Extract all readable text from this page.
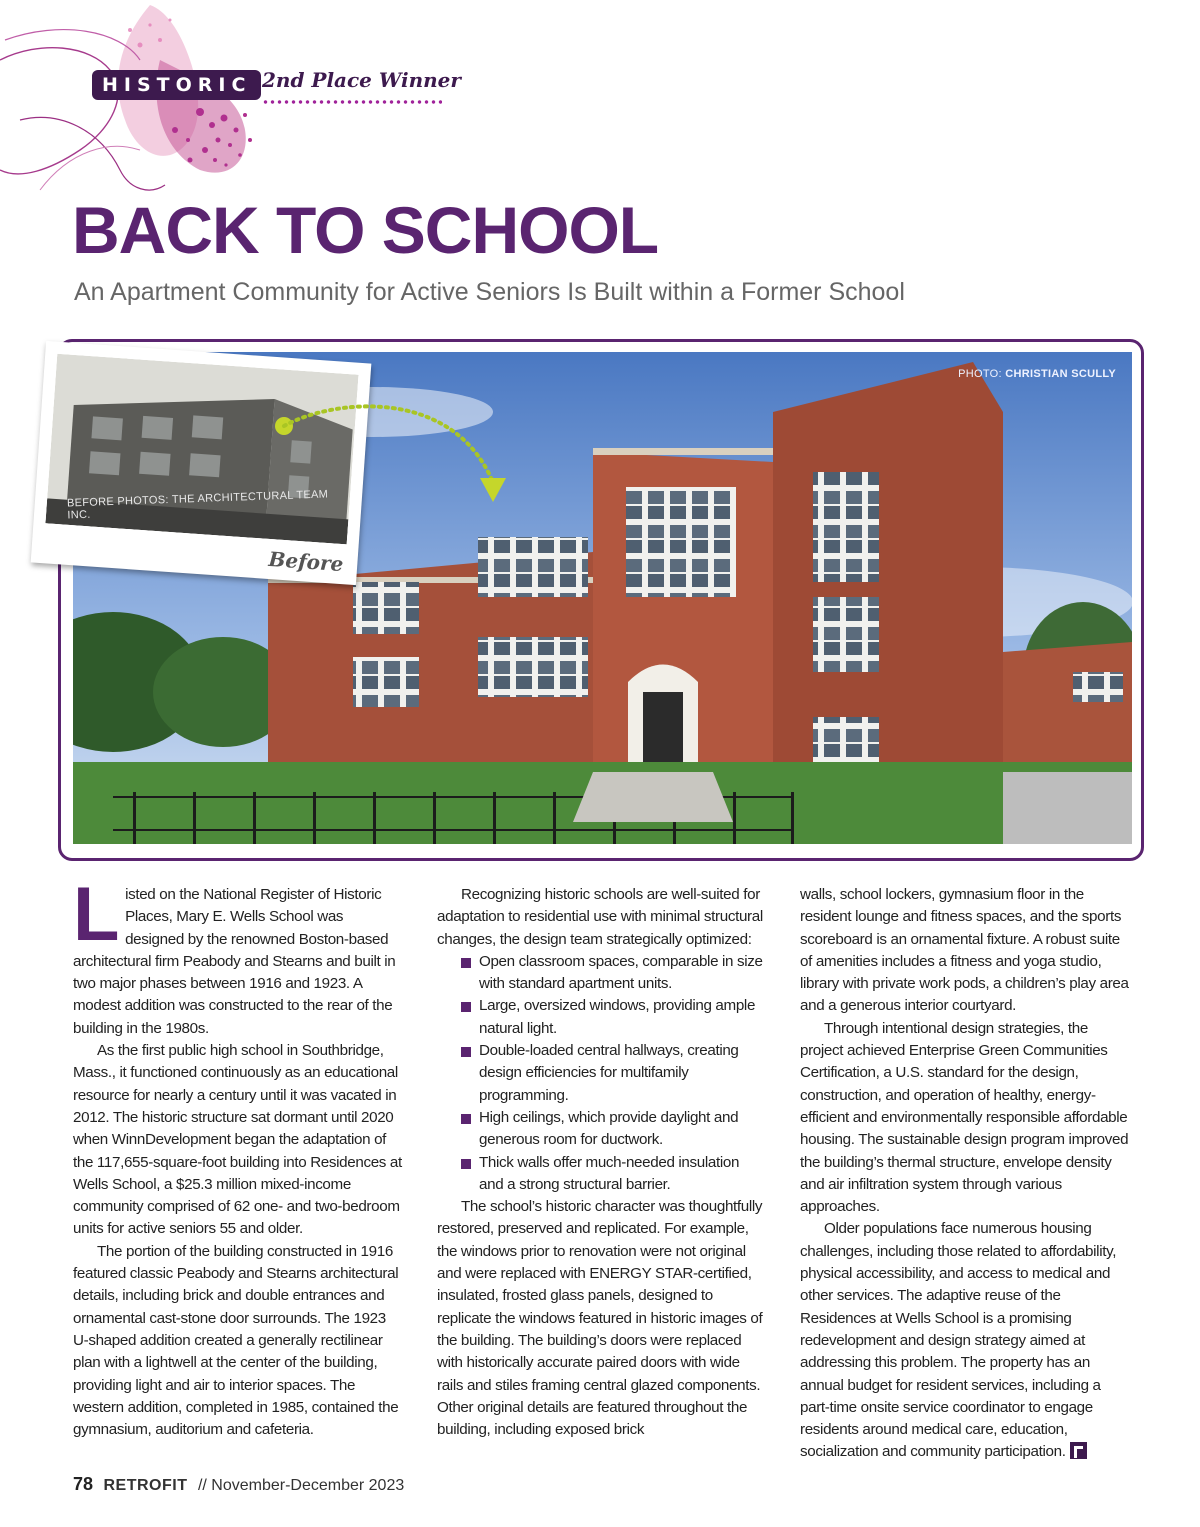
HISTORIC 2nd Place Winner
BACK TO SCHOOL
An Apartment Community for Active Seniors Is Built within a Former School
PHOTO: CHRISTIAN SCULLY
BEFORE PHOTOS: THE ARCHITECTURAL TEAM INC.
Before

Listed on the National Register of Historic Places, Mary E. Wells School was designed by the renowned Boston-based architectural firm Peabody and Stearns and built in two major phases between 1916 and 1923. A modest addition was constructed to the rear of the building in the 1980s.

As the first public high school in Southbridge, Mass., it functioned continuously as an educational resource for nearly a century until it was vacated in 2012. The historic structure sat dormant until 2020 when WinnDevelopment began the adaptation of the 117,655-square-foot building into Residences at Wells School, a $25.3 million mixed-income community comprised of 62 one- and two-bedroom units for active seniors 55 and older.

The portion of the building constructed in 1916 featured classic Peabody and Stearns architectural details, including brick and double entrances and ornamental cast-stone door surrounds. The 1923 U-shaped addition created a generally rectilinear plan with a lightwell at the center of the building, providing light and air to interior spaces. The western addition, completed in 1985, contained the gymnasium, auditorium and cafeteria.

Recognizing historic schools are well-suited for adaptation to residential use with minimal structural changes, the design team strategically optimized:

Open classroom spaces, comparable in size with standard apartment units.
Large, oversized windows, providing ample natural light.
Double-loaded central hallways, creating design efficiencies for multifamily programming.
High ceilings, which provide daylight and generous room for ductwork.
Thick walls offer much-needed insulation and a strong structural barrier.

The school’s historic character was thoughtfully restored, preserved and replicated. For example, the windows prior to renovation were not original and were replaced with ENERGY STAR-certified, insulated, frosted glass panels, designed to replicate the windows featured in historic images of the building. The building’s doors were replaced with historically accurate paired doors with wide rails and stiles framing central glazed components. Other original details are featured throughout the building, including exposed brick

walls, school lockers, gymnasium floor in the resident lounge and fitness spaces, and the sports scoreboard is an ornamental fixture. A robust suite of amenities includes a fitness and yoga studio, library with private work pods, a children’s play area and a generous interior courtyard.

Through intentional design strategies, the project achieved Enterprise Green Communities Certification, a U.S. standard for the design, construction, and operation of healthy, energy-efficient and environmentally responsible affordable housing. The sustainable design program improved the building’s thermal structure, envelope density and air infiltration system through various approaches.

Older populations face numerous housing challenges, including those related to affordability, physical accessibility, and access to medical and other services. The adaptive reuse of the Residences at Wells School is a promising redevelopment and design strategy aimed at addressing this problem. The property has an annual budget for resident services, including a part-time onsite service coordinator to engage residents around medical care, education, socialization and community participation.

78 RETROFIT // November-December 2023
